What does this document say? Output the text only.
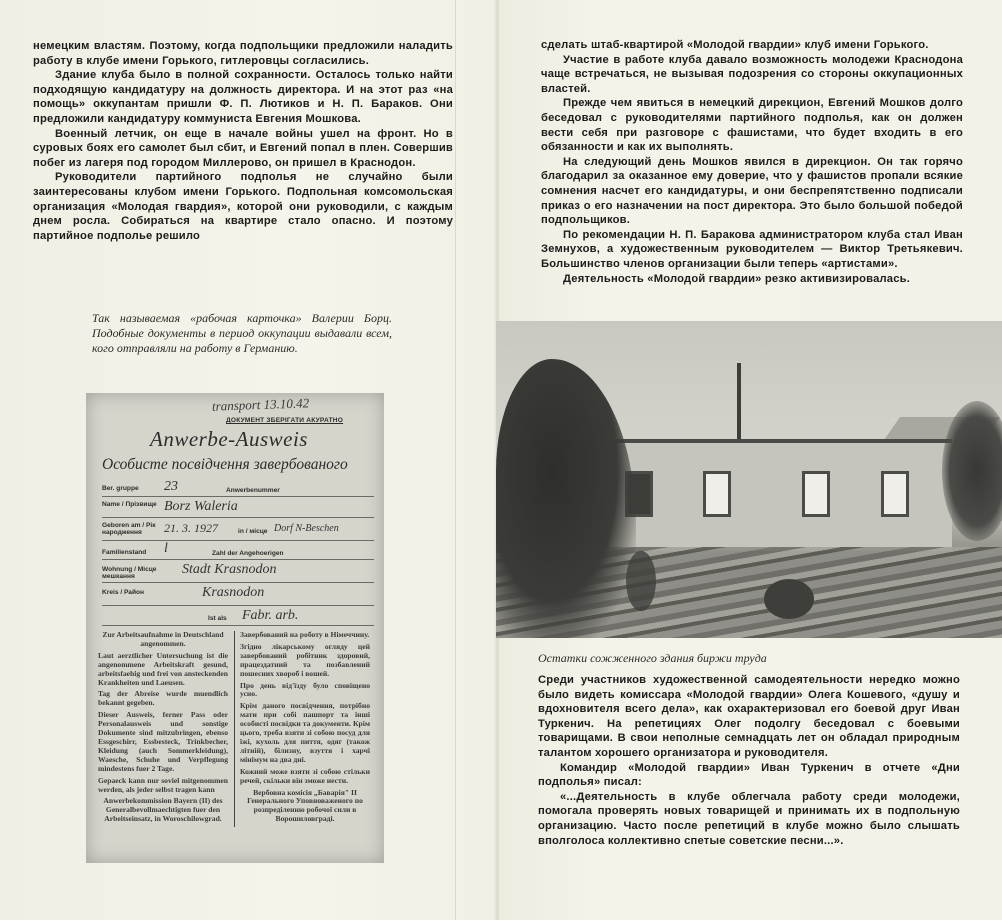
немецким властям. Поэтому, когда подпольщики предложили наладить работу в клубе имени Горького, гитлеровцы согласились.

Здание клуба было в полной сохранности. Осталось только найти подходящую кандидатуру на должность директора. И на этот раз «на помощь» оккупантам пришли Ф. П. Лютиков и Н. П. Бараков. Они предложили кандидатуру коммуниста Евгения Мошкова.

Военный летчик, он еще в начале войны ушел на фронт. Но в суровых боях его самолет был сбит, и Евгений попал в плен. Совершив побег из лагеря под городом Миллерово, он пришел в Краснодон.

Руководители партийного подполья не случайно были заинтересованы клубом имени Горького. Подпольная комсомольская организация «Молодая гвардия», которой они руководили, с каждым днем росла. Собираться на квартире стало опасно. И поэтому партийное подполье решило

Так называемая «рабочая карточка» Валерии Борц. Подобные документы в период оккупации выдавали всем, кого отправляли на работу в Германию.
transport 13.10.42
ДОКУМЕНТ ЗБЕРІГАТИ АКУРАТНО
Anwerbe-Ausweis
Особисте посвідчення завербованого
Ber. gruppe	23	Anwerbenummer
Name / Прізвище Borz Waleria
Geboren am / Рік народження	21. 3. 1927	in / місце Dorf N-Beschen
Familienstand	l	Zahl der Angehoerigen
Wohnung / Місце мешкання	Stadt Krasnodon
Kreis / Район	Krasnodon
Ist als Fabr. arb.

Zur Arbeitsaufnahme in Deutschland angenommen.

Laut aerztlicher Untersuchung ist die angenommene Arbeitskraft gesund, arbeitsfaehig und frei von ansteckenden Krankheiten und Laeusen.

Tag der Abreise wurde muendlich bekannt gegeben.

Dieser Ausweis, ferner Pass oder Personalausweis und sonstige Dokumente sind mitzubringen, ebenso Essgeschirr, Essbesteck, Trinkbecher, Kleidung (auch Sommerkleidung), Waesche, Schuhe und Verpflegung mindestens fuer 2 Tage.

Gepaeck kann nur soviel mitgenommen werden, als jeder selbst tragen kann

Anwerbekommission Bayern (II) des Generalbevollmaechtigten fuer den Arbeitseinsatz, in Woroschilowgrad.

Завербований на роботу в Німеччину.

Згідно лікарському огляду цей завербований робітник здоровий, працездатний та позбавлений пошесних хвороб і вошей.

Про день від'їзду було сповіщено усно.

Крім даного посвідчення, потрібно мати при собі пашпорт та інші особисті посвідки та документи. Крім цього, треба взяти зі собою посуд для їжі, кухоль для пиття, одяг (також літній), білизну, взуття і харчі мінімум на два дні.

Кожний може взяти зі собою стільки речей, скільки він зможе нести.

Вербовна комісія „Баварія" II Генерального Уповноваженого по розпреділенню робочої сили в Ворошиловграді.

сделать штаб-квартирой «Молодой гвардии» клуб имени Горького.

Участие в работе клуба давало возможность молодежи Краснодона чаще встречаться, не вызывая подозрения со стороны оккупационных властей.

Прежде чем явиться в немецкий дирекцион, Евгений Мошков долго беседовал с руководителями партийного подполья, как он должен вести себя при разговоре с фашистами, что будет входить в его обязанности и как их выполнять.

На следующий день Мошков явился в дирекцион. Он так горячо благодарил за оказанное ему доверие, что у фашистов пропали всякие сомнения насчет его кандидатуры, и они беспрепятственно подписали приказ о его назначении на пост директора. Это было большой победой подпольщиков.

По рекомендации Н. П. Баракова администратором клуба стал Иван Земнухов, а художественным руководителем — Виктор Третьякевич. Большинство членов организации были теперь «артистами».

Деятельность «Молодой гвардии» резко активизировалась.

Остатки сожженного здания биржи труда

Среди участников художественной самодеятельности нередко можно было видеть комиссара «Молодой гвардии» Олега Кошевого, «душу и вдохновителя всего дела», как охарактеризовал его боевой друг Иван Туркенич. На репетициях Олег подолгу беседовал с боевыми товарищами. В свои неполные семнадцать лет он обладал природным талантом хорошего организатора и руководителя.

Командир «Молодой гвардии» Иван Туркенич в отчете «Дни подполья» писал:

«...Деятельность в клубе облегчала работу среди молодежи, помогала проверять новых товарищей и принимать их в подпольную организацию. Часто после репетиций в клубе можно было слышать вполголоса коллективно спетые советские песни...».
